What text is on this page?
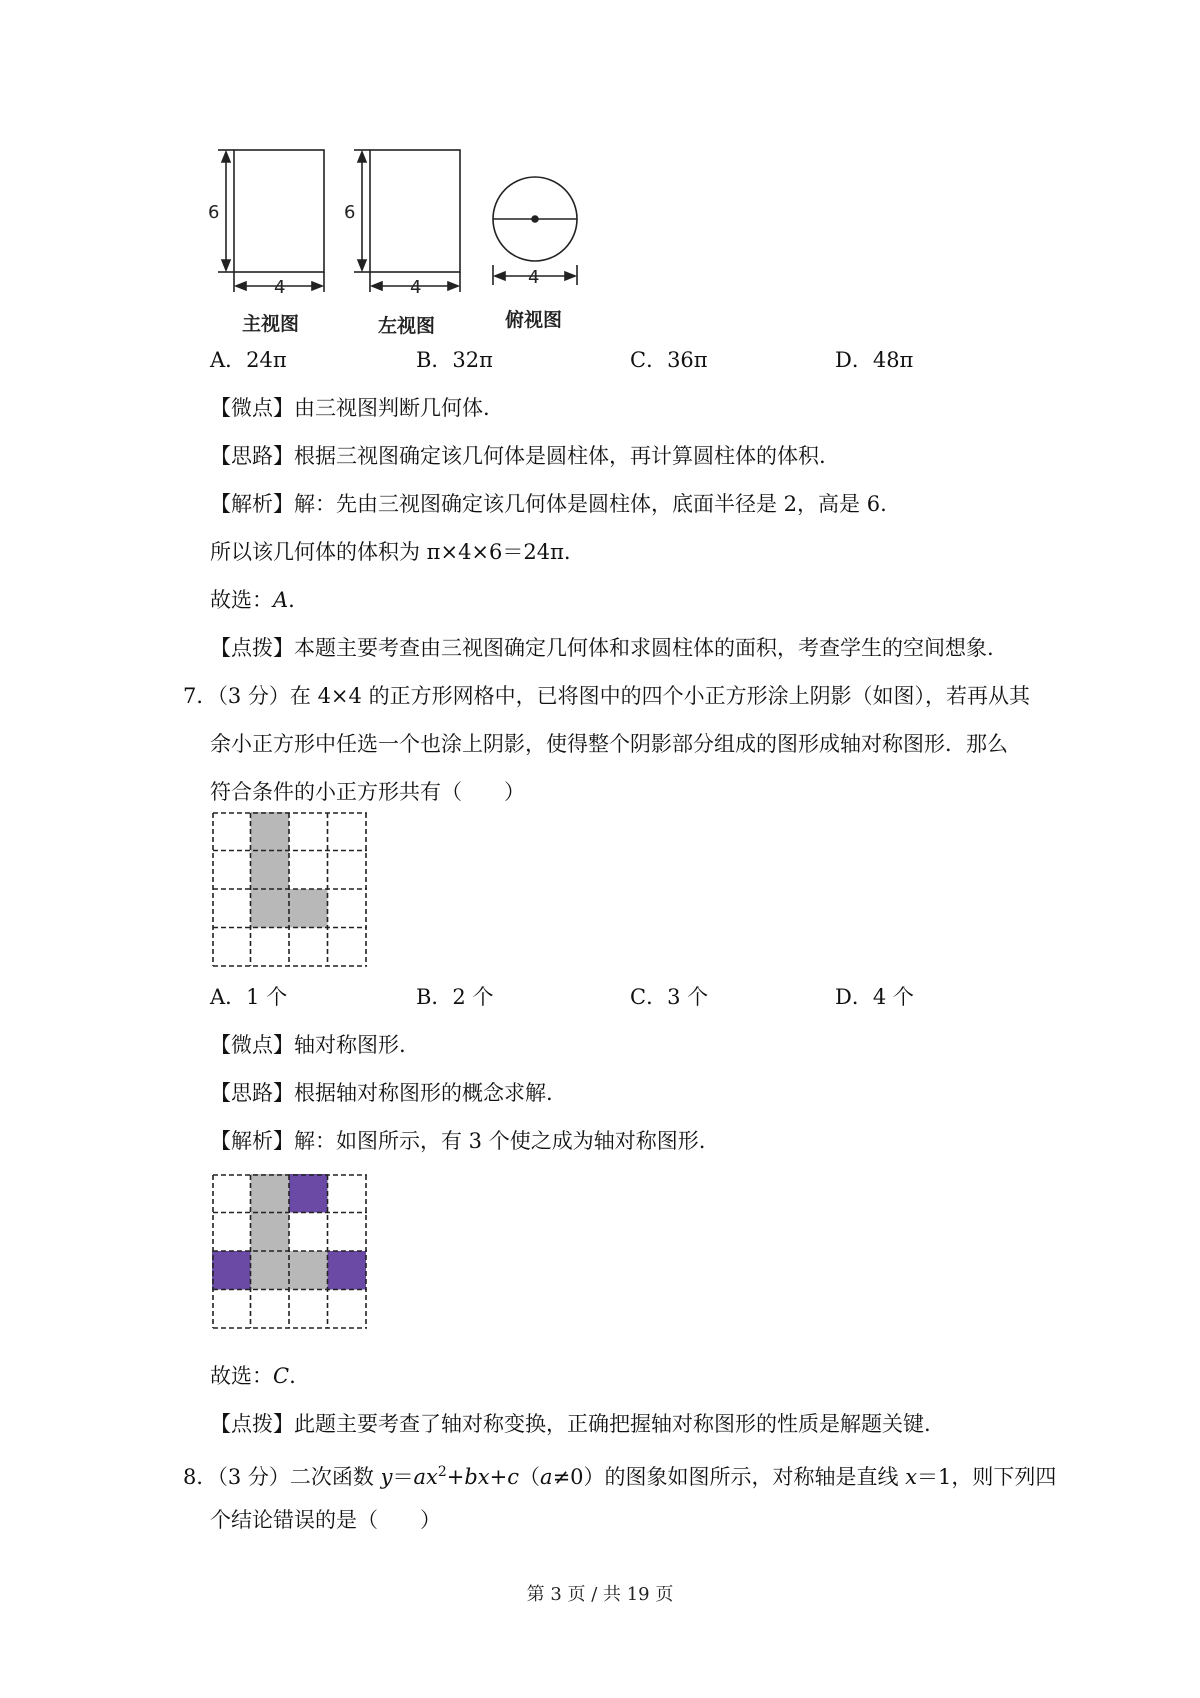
6
4
主视图
6
4
左视图
4
俯视图
A．24π	B．32π	C．36π	D．48π
【微点】由三视图判断几何体.
【思路】根据三视图确定该几何体是圆柱体，再计算圆柱体的体积.
【解析】解：先由三视图确定该几何体是圆柱体，底面半径是 2，高是 6.
所以该几何体的体积为 π×4×6＝24π.
故选：A.
【点拨】本题主要考查由三视图确定几何体和求圆柱体的面积，考查学生的空间想象.
7．（3 分）在 4×4 的正方形网格中，已将图中的四个小正方形涂上阴影（如图），若再从其
余小正方形中任选一个也涂上阴影，使得整个阴影部分组成的图形成轴对称图形．那么
符合条件的小正方形共有（　　）
A．1 个	B．2 个	C．3 个	D．4 个
【微点】轴对称图形.
【思路】根据轴对称图形的概念求解.
【解析】解：如图所示，有 3 个使之成为轴对称图形.
故选：C.
【点拨】此题主要考查了轴对称变换，正确把握轴对称图形的性质是解题关键.
8．（3 分）二次函数 $y=ax^2+bx+c(a\ne 0)$的图象如图所示，对称轴是直线 x＝1，则下列四
个结论错误的是（　　）
第 3 页 / 共 19 页
